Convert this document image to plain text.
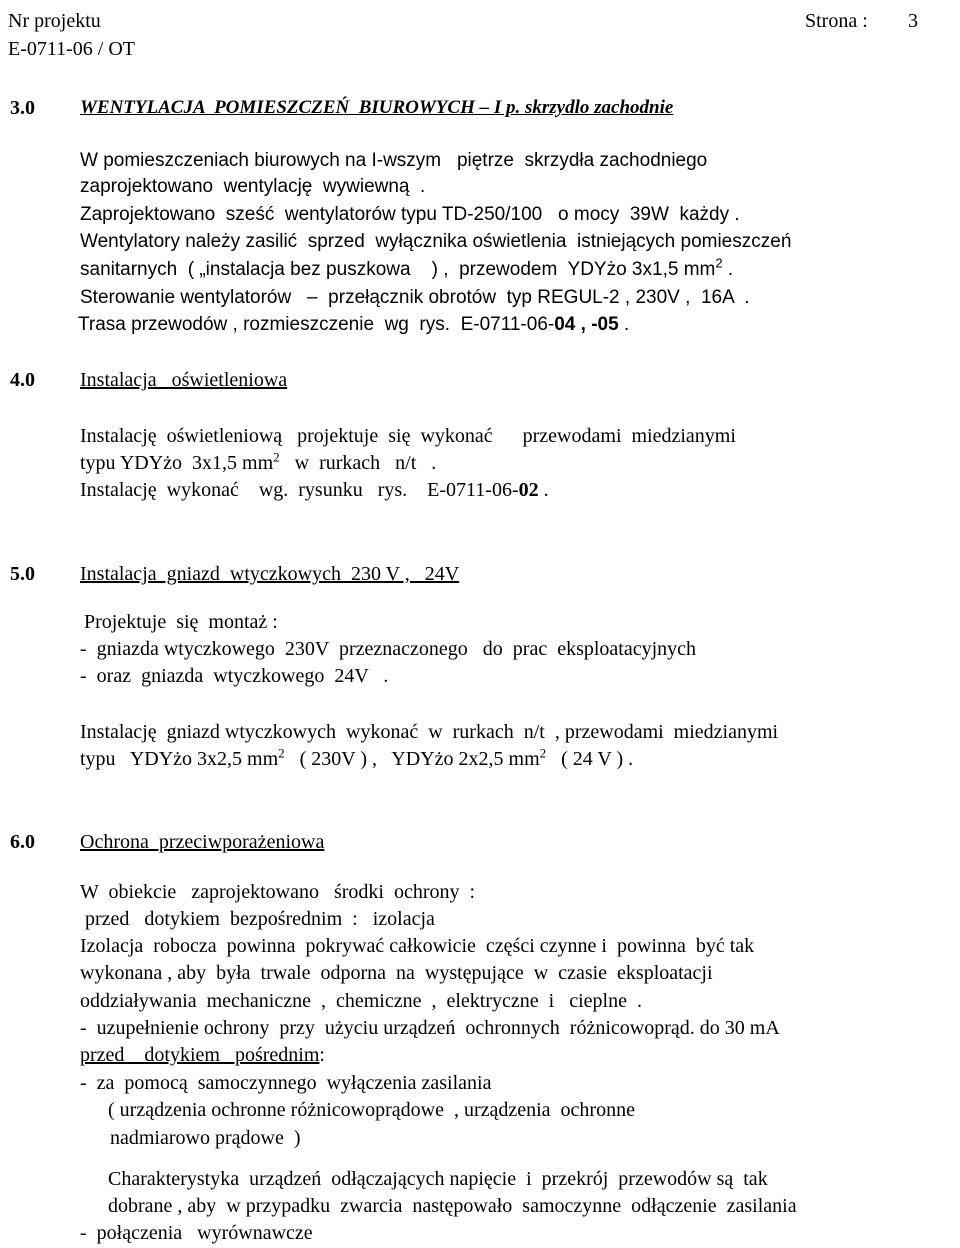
Nr projektu
E-0711-06 / OT
Strona : 3
3.0 WENTYLACJA  POMIESZCZEŃ  BIUROWYCH – I p. skrzydlo zachodnie
W pomieszczeniach biurowych na I-wszym   piętrze  skrzydła zachodniego
zaprojektowano  wentylację  wywiewną  .
Zaprojektowano  sześć  wentylatorów typu TD-250/100   o mocy  39W  każdy .
Wentylatory należy zasilić  sprzed  wyłącznika oświetlenia  istniejących pomieszczeń
sanitarnych  ( „instalacja bez puszkowa    ) ,  przewodem  YDYżo 3x1,5 $mm^2$ .
Sterowanie wentylatorów   –  przełącznik obrotów  typ REGUL-2 , 230V ,  16A  .
Trasa przewodów , rozmieszczenie  wg  rys.  E-0711-06-04 , -05 .
4.0 Instalacja   oświetleniowa
Instalację  oświetleniową   projektuje  się  wykonać      przewodami  miedzianymi
typu YDYżo  3x1,5 $mm^2$   w  rurkach   n/t   .
Instalację  wykonać    wg.  rysunku   rys.    E-0711-06-02 .
5.0 Instalacja  gniazd  wtyczkowych  230 V ,   24V
Projektuje  się  montaż :
-  gniazda wtyczkowego  230V  przeznaczonego   do  prac  eksploatacyjnych
-  oraz  gniazda  wtyczkowego  24V   .
Instalację  gniazd wtyczkowych  wykonać  w  rurkach  n/t  , przewodami  miedzianymi
typu   YDYżo 3x2,5 $mm^2$   ( 230V ) ,   YDYżo 2x2,5 $mm^2$   ( 24 V ) .
6.0 Ochrona  przeciwporażeniowa
W  obiekcie   zaprojektowano   środki  ochrony  :
przed   dotykiem  bezpośrednim  :   izolacja
Izolacja  robocza  powinna  pokrywać całkowicie  części czynne i  powinna  być tak
wykonana , aby  była  trwale  odporna  na  występujące  w  czasie  eksploatacji
oddziaływania  mechaniczne  ,  chemiczne  ,  elektryczne  i   cieplne  .
-  uzupełnienie ochrony  przy  użyciu urządzeń  ochronnych  różnicowoprąd. do 30 mA
przed    dotykiem   pośrednim:
-  za  pomocą  samoczynnego  wyłączenia zasilania
( urządzenia ochronne różnicowoprądowe  , urządzenia  ochronne
nadmiarowo prądowe  )
Charakterystyka  urządzeń  odłączających napięcie  i  przekrój  przewodów są  tak
dobrane , aby  w przypadku  zwarcia  następowało  samoczynne  odłączenie  zasilania
-  połączenia   wyrównawcze
